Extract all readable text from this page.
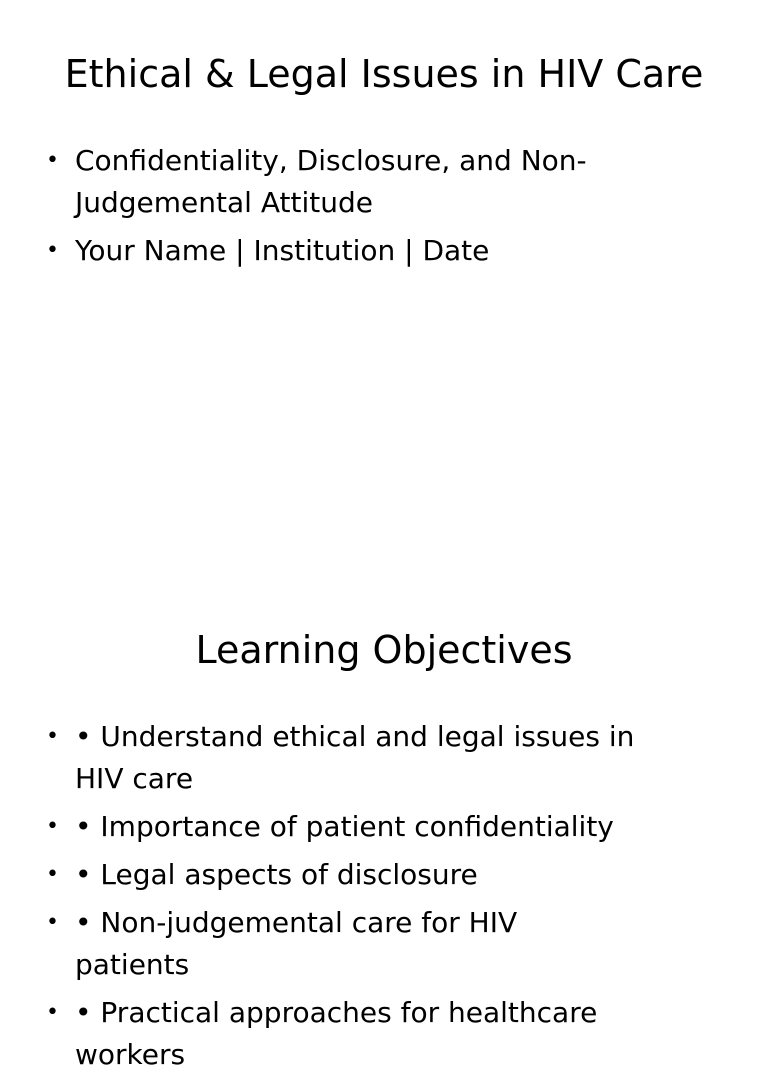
Ethical & Legal Issues in HIV Care
• Confidentiality, Disclosure, and Non-Judgemental Attitude
• Your Name | Institution | Date
Learning Objectives
• • Understand ethical and legal issues in HIV care
• • Importance of patient confidentiality
• • Legal aspects of disclosure
• • Non-judgemental care for HIV patients
• • Practical approaches for healthcare workers
